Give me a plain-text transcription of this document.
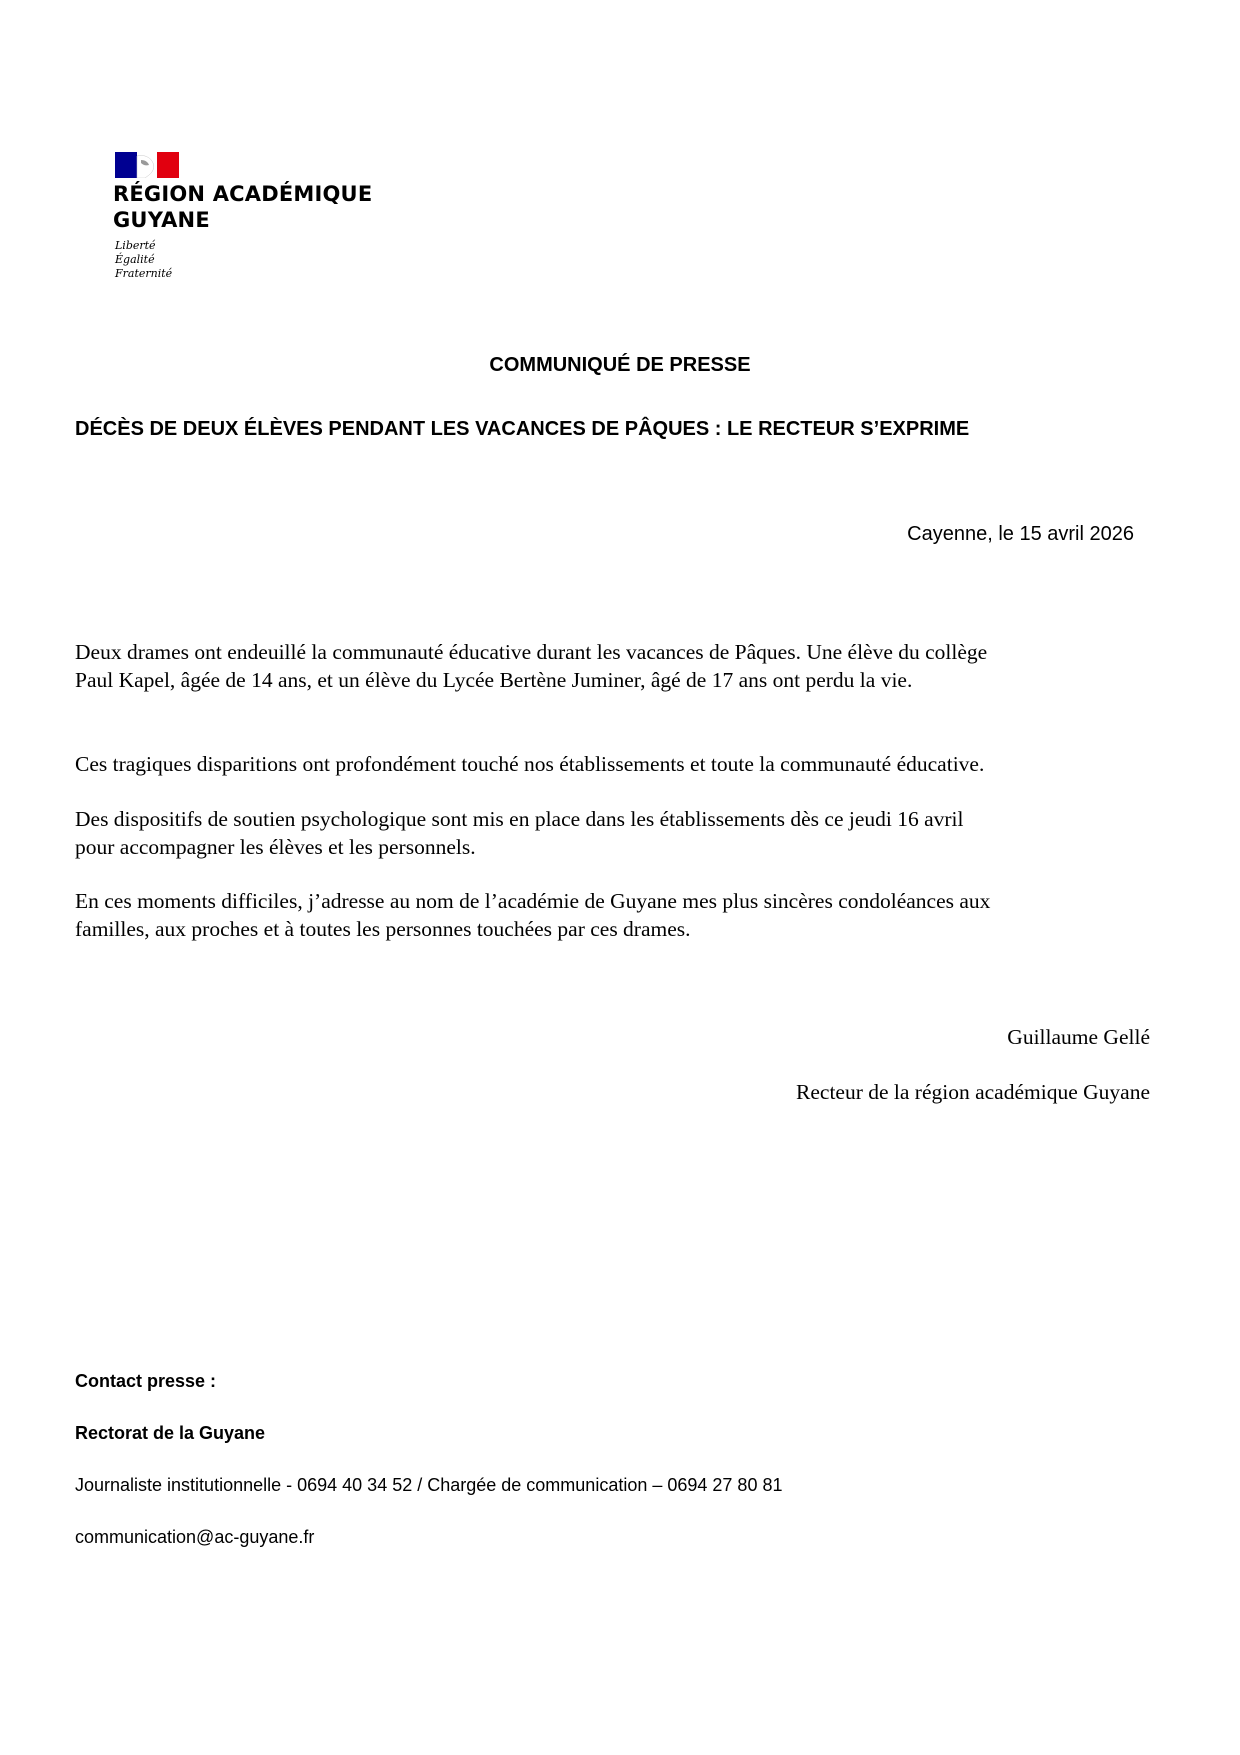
RÉGION ACADÉMIQUE
GUYANE
Liberté
Égalité
Fraternité
COMMUNIQUÉ DE PRESSE
DÉCÈS DE DEUX ÉLÈVES PENDANT LES VACANCES DE PÂQUES : LE RECTEUR S’EXPRIME
Cayenne, le 15 avril 2026
Deux drames ont endeuillé la communauté éducative durant les vacances de Pâques. Une élève du collège
Paul Kapel, âgée de 14 ans, et un élève du Lycée Bertène Juminer, âgé de 17 ans ont perdu la vie.
Ces tragiques disparitions ont profondément touché nos établissements et toute la communauté éducative.
Des dispositifs de soutien psychologique sont mis en place dans les établissements dès ce jeudi 16 avril
pour accompagner les élèves et les personnels.
En ces moments difficiles, j’adresse au nom de l’académie de Guyane mes plus sincères condoléances aux
familles, aux proches et à toutes les personnes touchées par ces drames.
Guillaume Gellé
Recteur de la région académique Guyane
Contact presse :
Rectorat de la Guyane
Journaliste institutionnelle - 0694 40 34 52 / Chargée de communication – 0694 27 80 81
communication@ac-guyane.fr
